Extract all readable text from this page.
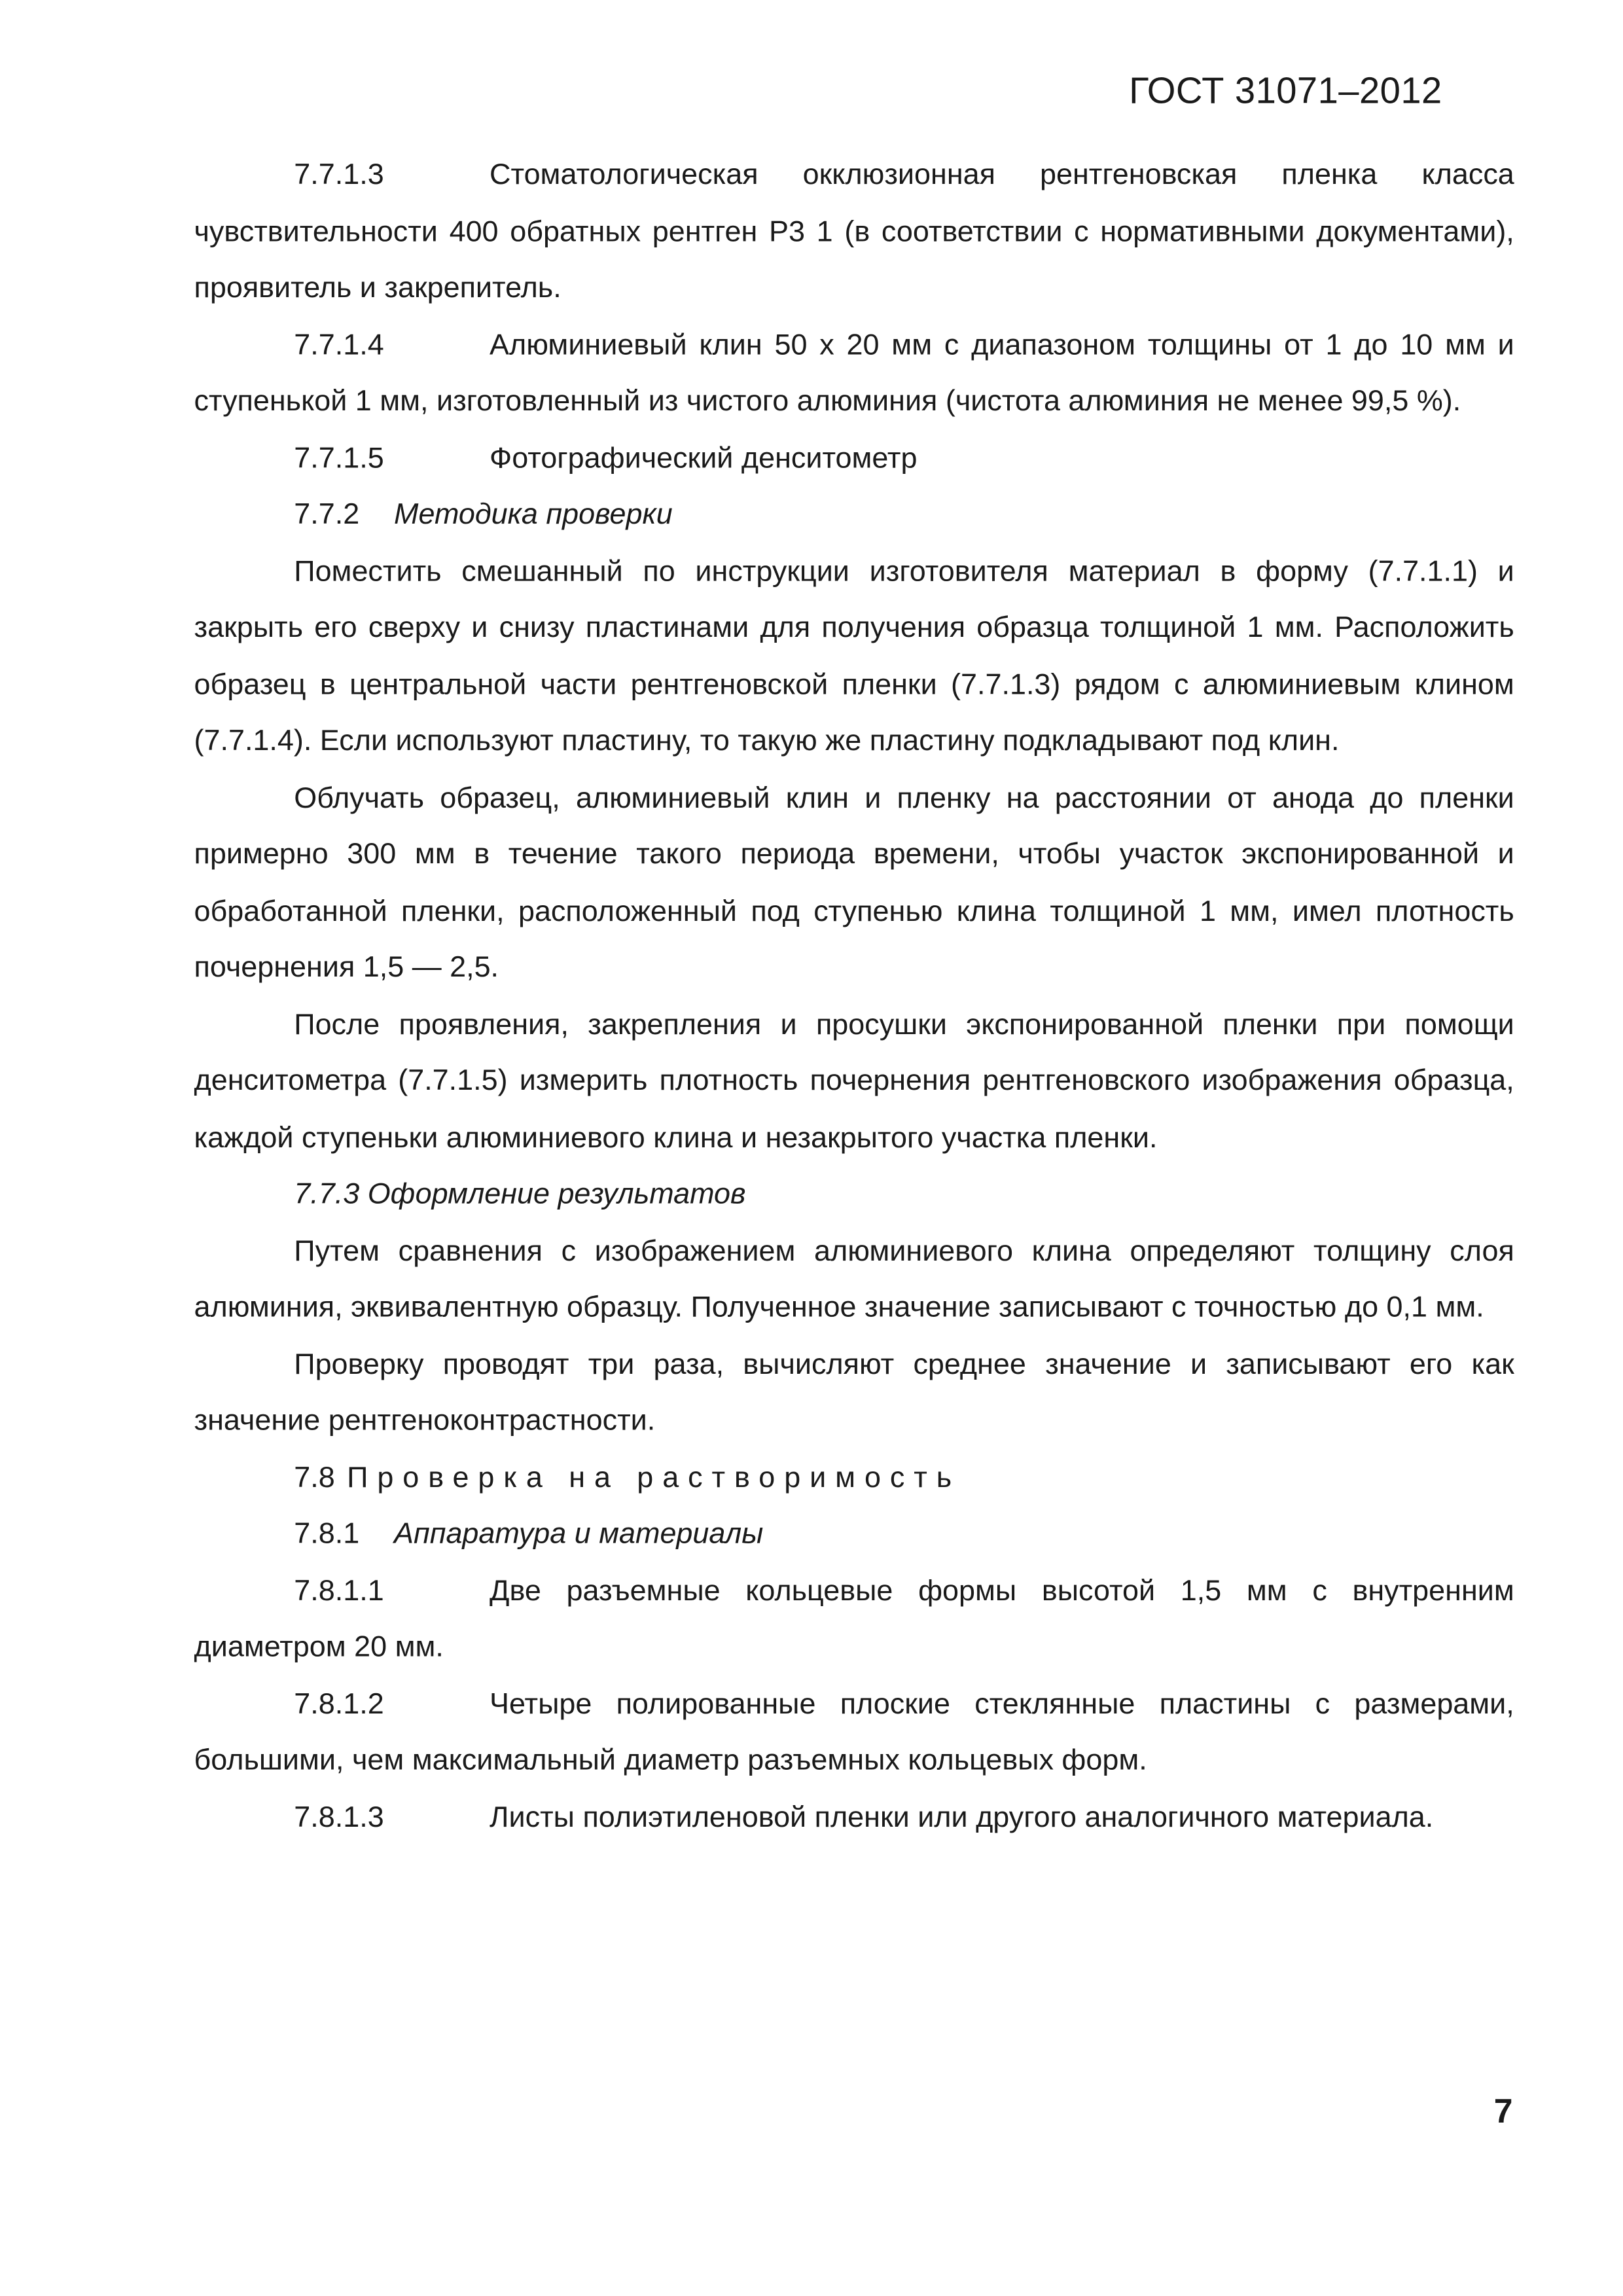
ГОСТ 31071–2012

7.7.1.3	Стоматологическая окклюзионная рентгеновская пленка класса чувствительности 400 обратных рентген Р3 1 (в соответствии с нормативными документами), проявитель и закрепитель.

7.7.1.4	Алюминиевый клин 50 х 20 мм с диапазоном толщины от 1 до 10 мм и ступенькой 1 мм, изготовленный из чистого алюминия (чистота алюминия не менее 99,5 %).

7.7.1.5	Фотографический денситометр

7.7.2	Методика проверки

Поместить смешанный по инструкции изготовителя материал в форму (7.7.1.1) и закрыть его сверху и снизу пластинами для получения образца толщиной 1 мм. Расположить образец в центральной части рентгеновской пленки (7.7.1.3) рядом с алюминиевым клином (7.7.1.4). Если используют пластину, то такую же пластину подкладывают под клин.

Облучать образец, алюминиевый клин и пленку на расстоянии от анода до пленки примерно 300 мм в течение такого периода времени, чтобы участок экспонированной и обработанной пленки, расположенный под ступенью клина толщиной 1 мм, имел плотность почернения 1,5 — 2,5.

После проявления, закрепления и просушки экспонированной пленки при помощи денситометра (7.7.1.5) измерить плотность почернения рентгеновского изображения образца, каждой ступеньки алюминиевого клина и незакрытого участка пленки.

7.7.3 Оформление результатов

Путем сравнения с изображением алюминиевого клина определяют толщину слоя алюминия, эквивалентную образцу. Полученное значение записывают с точностью до 0,1 мм.

Проверку проводят три раза, вычисляют среднее значение и записывают его как значение рентгеноконтрастности.

7.8 Проверка на растворимость

7.8.1	Аппаратура и материалы

7.8.1.1	Две разъемные кольцевые формы высотой 1,5 мм с внутренним диаметром 20 мм.

7.8.1.2	Четыре полированные плоские стеклянные пластины с размерами, большими, чем максимальный диаметр разъемных кольцевых форм.

7.8.1.3	Листы полиэтиленовой пленки или другого аналогичного материала.

7
